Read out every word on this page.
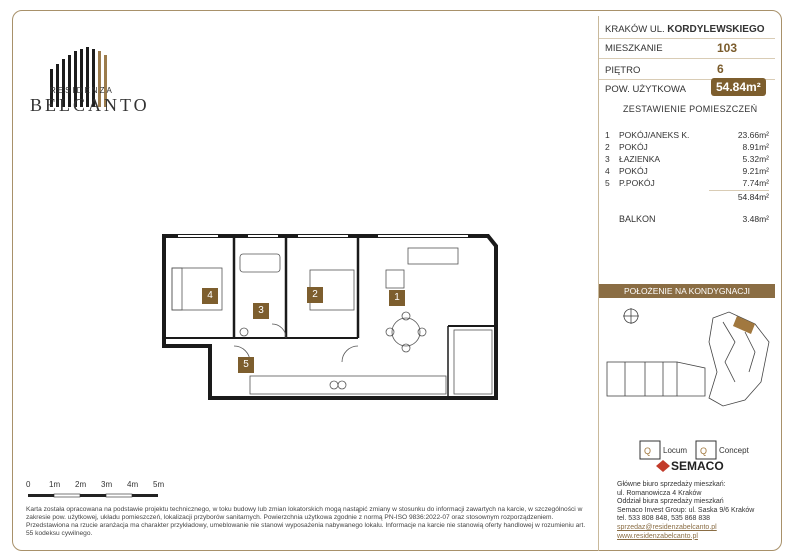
RESIDENZA
BELCANTO
1
2
3
4
5
0 1m 2m 3m 4m 5m
Karta została opracowana na podstawie projektu technicznego, w toku budowy lub zmian lokatorskich mogą nastąpić zmiany w stosunku do informacji zawartych na karcie, w szczególności w zakresie pow. użytkowej, układu pomieszczeń, lokalizacji przyborów sanitarnych. Powierzchnia użytkowa zgodnie z normą PN-ISO 9836:2022-07 oraz stosownym rozporządzeniem. Przedstawiona na rzucie aranżacja ma charakter przykładowy, umeblowanie nie stanowi wyposażenia nabywanego lokalu. Informacje na karcie nie stanowią oferty handlowej w rozumieniu art. 55 kodeksu cywilnego.
KRAKÓW UL. KORDYLEWSKIEGO
MIESZKANIE	103
PIĘTRO	6
POW. UŻYTKOWA	54.84m²
ZESTAWIENIE POMIESZCZEŃ
1 POKÓJ/ANEKS K.	23.66m²
2 POKÓJ	8.91m²
3 ŁAZIENKA	5.32m²
4 POKÓJ	9.21m²
5 P.POKÓJ	7.74m²
54.84m²
BALKON	3.48m²
POŁOŻENIE NA KONDYGNACJI
Q Locum Q Concept
SEMACO
Główne biuro sprzedaży mieszkań:
ul. Romanowicza 4 Kraków
Oddział biura sprzedaży mieszkań
Semaco Invest Group: ul. Saska 9/6 Kraków
tel. 533 808 848, 535 868 838
sprzedaz@residenzabelcanto.pl
www.residenzabelcanto.pl
